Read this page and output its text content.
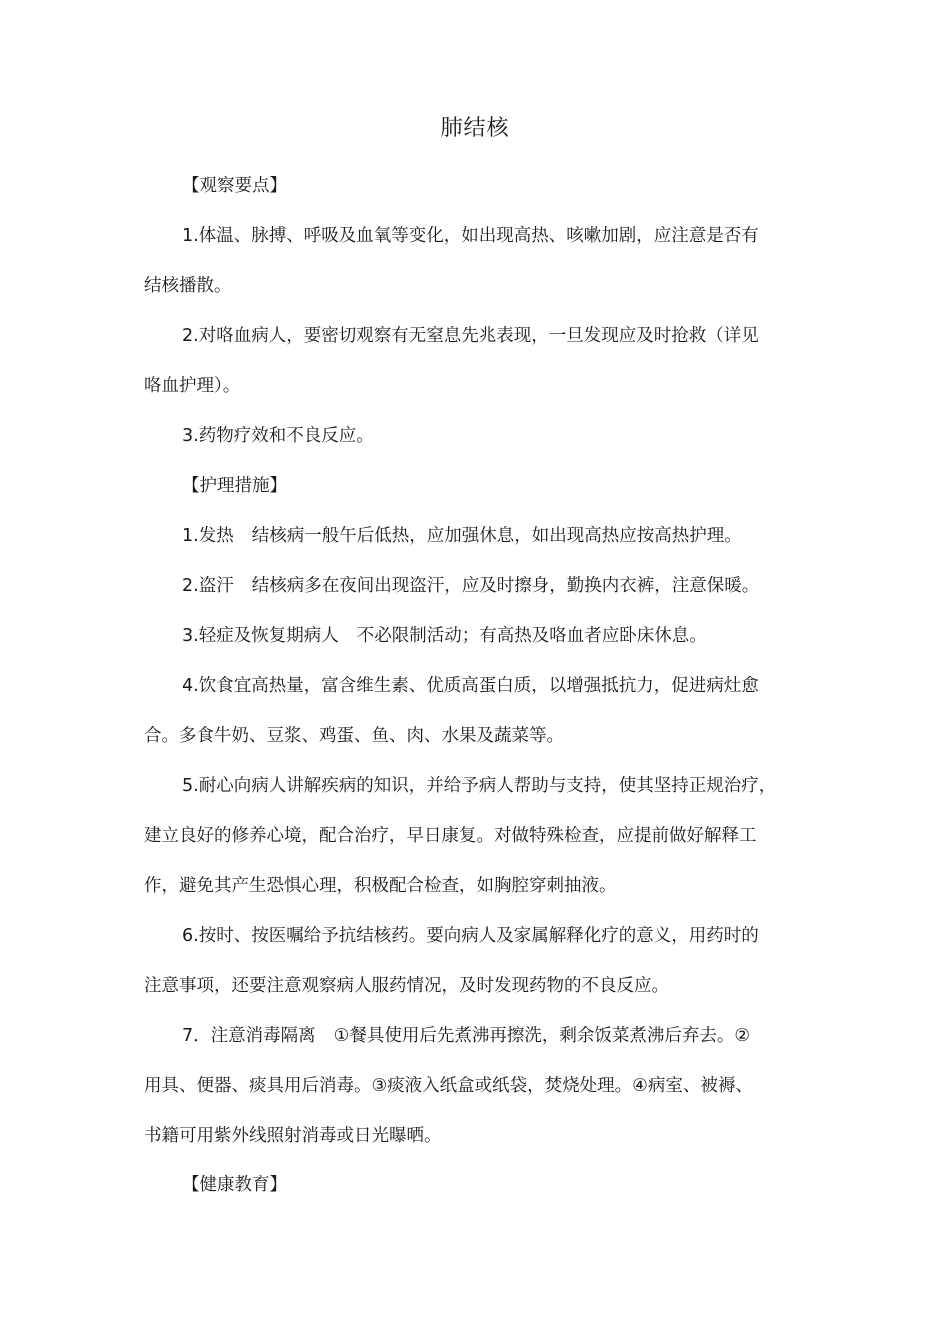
肺结核
【观察要点】
1.体温、脉搏、呼吸及血氧等变化，如出现高热、咳嗽加剧，应注意是否有
结核播散。
2.对咯血病人，要密切观察有无窒息先兆表现，一旦发现应及时抢救（详见
咯血护理）。
3.药物疗效和不良反应。
【护理措施】
1.发热 结核病一般午后低热，应加强休息，如出现高热应按高热护理。
2.盗汗 结核病多在夜间出现盗汗，应及时擦身，勤换内衣裤，注意保暖。
3.轻症及恢复期病人 不必限制活动；有高热及咯血者应卧床休息。
4.饮食宜高热量，富含维生素、优质高蛋白质，以增强抵抗力，促进病灶愈
合。多食牛奶、豆浆、鸡蛋、鱼、肉、水果及蔬菜等。
5.耐心向病人讲解疾病的知识，并给予病人帮助与支持，使其坚持正规治疗，
建立良好的修养心境，配合治疗，早日康复。对做特殊检查，应提前做好解释工
作，避免其产生恐惧心理，积极配合检查，如胸腔穿刺抽液。
6.按时、按医嘱给予抗结核药。要向病人及家属解释化疗的意义，用药时的
注意事项，还要注意观察病人服药情况，及时发现药物的不良反应。
7．注意消毒隔离 ①餐具使用后先煮沸再擦洗，剩余饭菜煮沸后弃去。②
用具、便器、痰具用后消毒。③痰液入纸盒或纸袋，焚烧处理。④病室、被褥、
书籍可用紫外线照射消毒或日光曝晒。
【健康教育】
